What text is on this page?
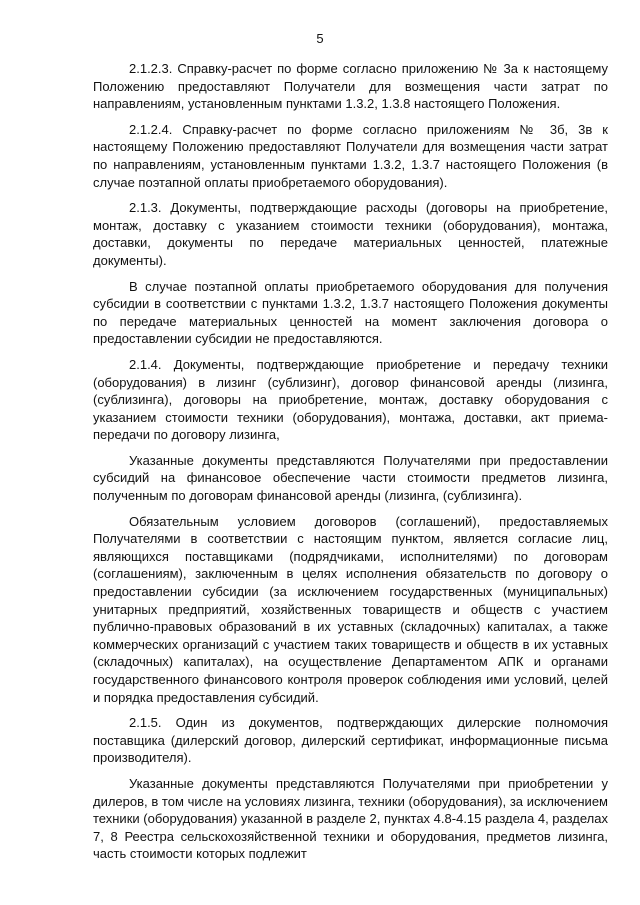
5

2.1.2.3. Справку-расчет по форме согласно приложению № 3а к настоящему Положению предоставляют Получатели для возмещения части затрат по направлениям, установленным пунктами 1.3.2, 1.3.8 настоящего Положения.

2.1.2.4. Справку-расчет по форме согласно приложениям № 3б, 3в к настоящему Положению предоставляют Получатели для возмещения части затрат по направлениям, установленным пунктами 1.3.2, 1.3.7 настоящего Положения (в случае поэтапной оплаты приобретаемого оборудования).

2.1.3. Документы, подтверждающие расходы (договоры на приобретение, монтаж, доставку с указанием стоимости техники (оборудования), монтажа, доставки, документы по передаче материальных ценностей, платежные документы).

В случае поэтапной оплаты приобретаемого оборудования для получения субсидии в соответствии с пунктами 1.3.2, 1.3.7 настоящего Положения документы по передаче материальных ценностей на момент заключения договора о предоставлении субсидии не предоставляются.

2.1.4. Документы, подтверждающие приобретение и передачу техники (оборудования) в лизинг (сублизинг), договор финансовой аренды (лизинга, (сублизинга), договоры на приобретение, монтаж, доставку оборудования с указанием стоимости техники (оборудования), монтажа, доставки, акт приема-передачи по договору лизинга,

Указанные документы представляются Получателями при предоставлении субсидий на финансовое обеспечение части стоимости предметов лизинга, полученным по договорам финансовой аренды (лизинга, (сублизинга).

Обязательным условием договоров (соглашений), предоставляемых Получателями в соответствии с настоящим пунктом, является согласие лиц, являющихся поставщиками (подрядчиками, исполнителями) по договорам (соглашениям), заключенным в целях исполнения обязательств по договору о предоставлении субсидии (за исключением государственных (муниципальных) унитарных предприятий, хозяйственных товариществ и обществ с участием публично-правовых образований в их уставных (складочных) капиталах, а также коммерческих организаций с участием таких товариществ и обществ в их уставных (складочных) капиталах), на осуществление Департаментом АПК и органами государственного финансового контроля проверок соблюдения ими условий, целей и порядка предоставления субсидий.

2.1.5. Один из документов, подтверждающих дилерские полномочия поставщика (дилерский договор, дилерский сертификат, информационные письма производителя).

Указанные документы представляются Получателями при приобретении у дилеров, в том числе на условиях лизинга, техники (оборудования), за исключением техники (оборудования) указанной в разделе 2, пунктах 4.8-4.15 раздела 4, разделах 7, 8 Реестра сельскохозяйственной техники и оборудования, предметов лизинга, часть стоимости которых подлежит
